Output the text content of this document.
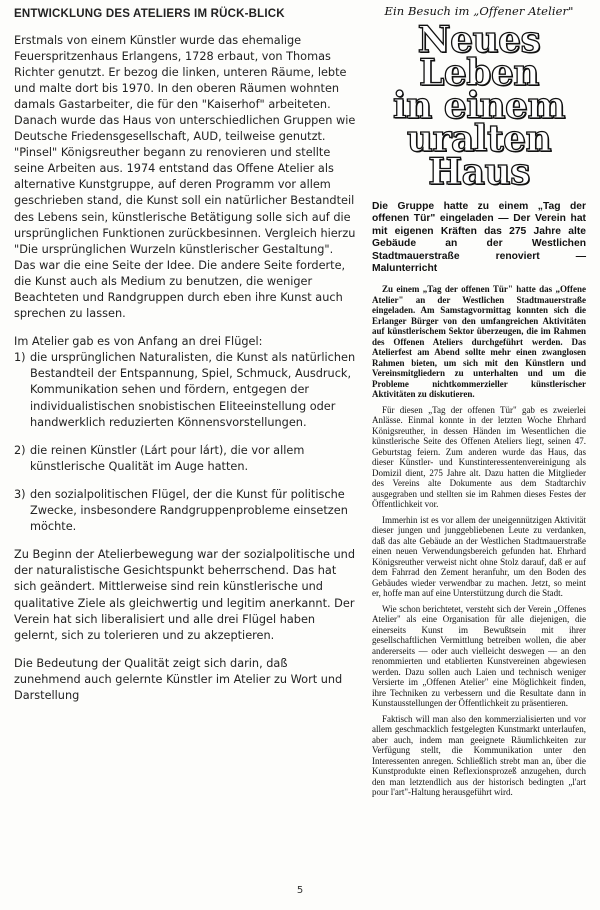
ENTWICKLUNG DES ATELIERS IM RÜCK-BLICK

Erstmals von einem Künstler wurde das ehemalige Feuerspritzenhaus Erlangens, 1728 erbaut, von Thomas Richter genutzt. Er bezog die linken, unteren Räume, lebte und malte dort bis 1970. In den oberen Räumen wohnten damals Gastarbeiter, die für den "Kaiserhof" arbeiteten. Danach wurde das Haus von unterschiedlichen Gruppen wie Deutsche Friedensgesellschaft, AUD, teilweise genutzt. "Pinsel" Königsreuther begann zu renovieren und stellte seine Arbeiten aus. 1974 entstand das Offene Atelier als alternative Kunstgruppe, auf deren Programm vor allem geschrieben stand, die Kunst soll ein natürlicher Bestandteil des Lebens sein, künstlerische Betätigung solle sich auf die ursprünglichen Funktionen zurückbesinnen. Vergleich hierzu "Die ursprünglichen Wurzeln künstlerischer Gestaltung".

Das war die eine Seite der Idee. Die andere Seite forderte, die Kunst auch als Medium zu benutzen, die weniger Beachteten und Randgruppen durch eben ihre Kunst auch sprechen zu lassen.

Im Atelier gab es von Anfang an drei Flügel:

1) die ursprünglichen Naturalisten, die Kunst als natürlichen Bestandteil der Entspannung, Spiel, Schmuck, Ausdruck, Kommunikation sehen und fördern, entgegen der individualistischen snobistischen Eliteeinstellung oder handwerklich reduzierten Könnensvorstellungen.
2) die reinen Künstler (Lárt pour lárt), die vor allem künstlerische Qualität im Auge hatten.
3) den sozialpolitischen Flügel, der die Kunst für politische Zwecke, insbesondere Randgruppenprobleme einsetzen möchte.

Zu Beginn der Atelierbewegung war der sozialpolitische und der naturalistische Gesichtspunkt beherrschend. Das hat sich geändert. Mittlerweise sind rein künstlerische und qualitative Ziele als gleichwertig und legitim anerkannt. Der Verein hat sich liberalisiert und alle drei Flügel haben gelernt, sich zu tolerieren und zu akzeptieren.

Die Bedeutung der Qualität zeigt sich darin, daß zunehmend auch gelernte Künstler im Atelier zu Wort und Darstellung

Ein Besuch im „Offener Atelier"
Neues Leben
in einem
uralten Haus

Die Gruppe hatte zu einem „Tag der offenen Tür" eingeladen — Der Verein hat mit eigenen Kräften das 275 Jahre alte Gebäude an der Westlichen Stadtmauerstraße renoviert — Malunterricht

Zu einem „Tag der offenen Tür" hatte das „Offene Atelier" an der Westlichen Stadtmauerstraße eingeladen. Am Samstagvormittag konnten sich die Erlanger Bürger von den umfangreichen Aktivitäten auf künstlerischem Sektor überzeugen, die im Rahmen des Offenen Ateliers durchgeführt werden. Das Atelierfest am Abend sollte mehr einen zwanglosen Rahmen bieten, um sich mit den Künstlern und Vereinsmitgliedern zu unterhalten und um die Probleme nichtkommerzieller künstlerischer Aktivitäten zu diskutieren.

Für diesen „Tag der offenen Tür" gab es zweierlei Anlässe. Einmal konnte in der letzten Woche Ehrhard Königsreuther, in dessen Händen im Wesentlichen die künstlerische Seite des Offenen Ateliers liegt, seinen 47. Geburtstag feiern. Zum anderen wurde das Haus, das dieser Künstler- und Kunstinteressentenvereinigung als Domizil dient, 275 Jahre alt. Dazu hatten die Mitglieder des Vereins alte Dokumente aus dem Stadtarchiv ausgegraben und stellten sie im Rahmen dieses Festes der Öffentlichkeit vor.

Immerhin ist es vor allem der uneigennützigen Aktivität dieser jungen und junggebliebenen Leute zu verdanken, daß das alte Gebäude an der Westlichen Stadtmauerstraße einen neuen Verwendungsbereich gefunden hat. Ehrhard Königsreuther verweist nicht ohne Stolz darauf, daß er auf dem Fahrrad den Zement heranfuhr, um den Boden des Gebäudes wieder verwendbar zu machen. Jetzt, so meint er, hoffe man auf eine Unterstützung durch die Stadt.

Wie schon berichtetet, versteht sich der Verein „Offenes Atelier" als eine Organisation für alle diejenigen, die einerseits Kunst im Bewußtsein mit ihrer gesellschaftlichen Vermittlung betreiben wollen, die aber andererseits — oder auch vielleicht deswegen — an den renommierten und etablierten Kunstvereinen abgewiesen werden. Dazu sollen auch Laien und technisch weniger Versierte im „Offenen Atelier" eine Möglichkeit finden, ihre Techniken zu verbessern und die Resultate dann in Kunstausstellungen der Öffentlichkeit zu präsentieren.

Faktisch will man also den kommerzialisierten und vor allem geschmacklich festgelegten Kunstmarkt unterlaufen, aber auch, indem man geeignete Räumlichkeiten zur Verfügung stellt, die Kommunikation unter den Interessenten anregen. Schließlich strebt man an, über die Kunstprodukte einen Reflexionsprozeß anzugehen, durch den man letztendlich aus der historisch bedingten „l'art pour l'art"-Haltung herausgeführt wird.

5
